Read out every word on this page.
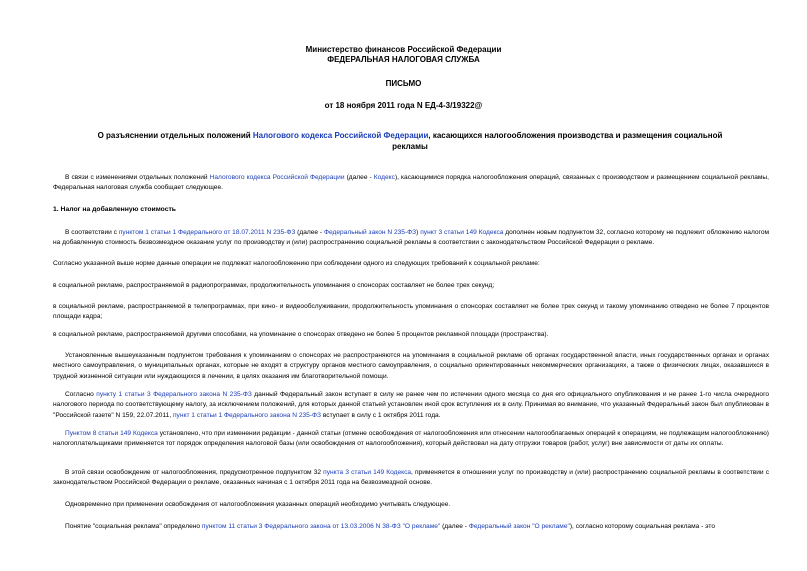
Министерство финансов Российской Федерации
ФЕДЕРАЛЬНАЯ НАЛОГОВАЯ СЛУЖБА
ПИСЬМО
от 18 ноября 2011 года N ЕД-4-3/19322@
О разъяснении отдельных положений Налогового кодекса Российской Федерации, касающихся налогообложения производства и размещения социальной рекламы
В связи с изменениями отдельных положений Налогового кодекса Российской Федерации (далее - Кодекс), касающимися порядка налогообложения операций, связанных с производством и размещением социальной рекламы, Федеральная налоговая служба сообщает следующее.
1. Налог на добавленную стоимость
В соответствии с пунктом 1 статьи 1 Федерального от 18.07.2011 N 235-ФЗ (далее - Федеральный закон N 235-ФЗ) пункт 3 статьи 149 Кодекса дополнен новым подпунктом 32, согласно которому не подлежит обложению налогом на добавленную стоимость безвозмездное оказание услуг по производству и (или) распространению социальной рекламы в соответствии с законодательством Российской Федерации о рекламе.
Согласно указанной выше норме данные операции не подлежат налогообложению при соблюдении одного из следующих требований к социальной рекламе:
в социальной рекламе, распространяемой в радиопрограммах, продолжительность упоминания о спонсорах составляет не более трех секунд;
в социальной рекламе, распространяемой в телепрограммах, при кино- и видеообслуживании, продолжительность упоминания о спонсорах составляет не более трех секунд и такому упоминанию отведено не более 7 процентов площади кадра;
в социальной рекламе, распространяемой другими способами, на упоминание о спонсорах отведено не более 5 процентов рекламной площади (пространства).
Установленные вышеуказанным подпунктом требования к упоминаниям о спонсорах не распространяются на упоминания в социальной рекламе об органах государственной власти, иных государственных органах и органах местного самоуправления, о муниципальных органах, которые не входят в структуру органов местного самоуправления, о социально ориентированных некоммерческих организациях, а также о физических лицах, оказавшихся в трудной жизненной ситуации или нуждающихся в лечении, в целях оказания им благотворительной помощи.
Согласно пункту 1 статьи 3 Федерального закона N 235-ФЗ данный Федеральный закон вступает в силу не ранее чем по истечении одного месяца со дня его официального опубликования и не ранее 1-го числа очередного налогового периода по соответствующему налогу, за исключением положений, для которых данной статьей установлен иной срок вступления их в силу. Принимая во внимание, что указанный Федеральный закон был опубликован в "Российской газете" N 159, 22.07.2011, пункт 1 статьи 1 Федерального закона N 235-ФЗ вступает в силу с 1 октября 2011 года.
Пунктом 8 статьи 149 Кодекса установлено, что при изменении редакции - данной статьи (отмене освобождения от налогообложения или отнесении налогооблагаемых операций к операциям, не подлежащим налогообложению) налогоплательщиками применяется тот порядок определения налоговой базы (или освобождения от налогообложения), который действовал на дату отгрузки товаров (работ, услуг) вне зависимости от даты их оплаты.
В этой связи освобождение от налогообложения, предусмотренное подпунктом 32 пункта 3 статьи 149 Кодекса, применяется в отношении услуг по производству и (или) распространению социальной рекламы в соответствии с законодательством Российской Федерации о рекламе, оказанных начиная с 1 октября 2011 года на безвозмездной основе.
Одновременно при применении освобождения от налогообложения указанных операций необходимо учитывать следующее.
Понятие "социальная реклама" определено пунктом 11 статьи 3 Федерального закона от 13.03.2006 N 38-ФЗ "О рекламе" (далее - Федеральный закон "О рекламе"), согласно которому социальная реклама - это
